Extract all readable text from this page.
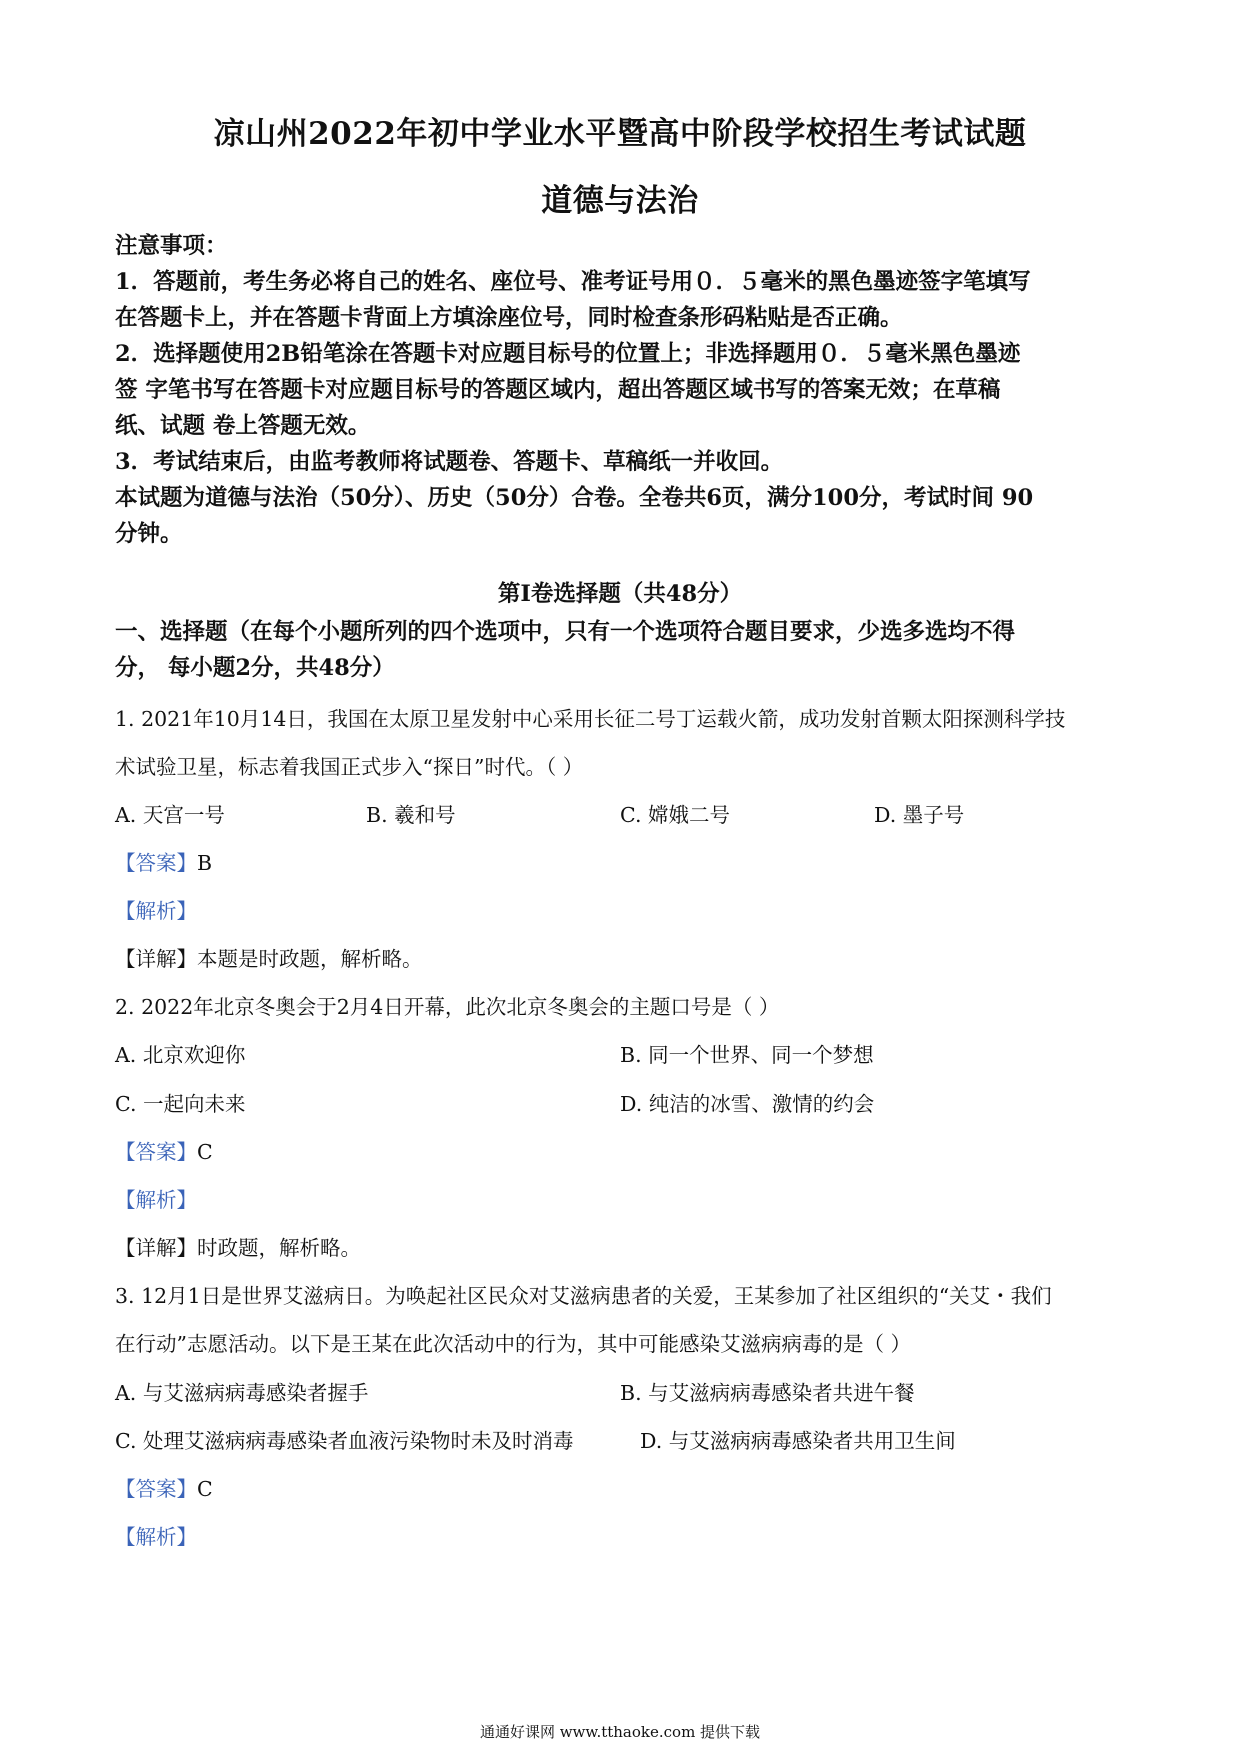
凉山州2022年初中学业水平暨高中阶段学校招生考试试题
道德与法治
注意事项：
1．答题前，考生务必将自己的姓名、座位号、准考证号用０．５毫米的黑色墨迹签字笔填写
在答题卡上，并在答题卡背面上方填涂座位号，同时检查条形码粘贴是否正确。
2．选择题使用2B铅笔涂在答题卡对应题目标号的位置上；非选择题用０．５毫米黑色墨迹
签 字笔书写在答题卡对应题目标号的答题区域内，超出答题区域书写的答案无效；在草稿
纸、试题 卷上答题无效。
3．考试结束后，由监考教师将试题卷、答题卡、草稿纸一并收回。
本试题为道德与法治（50分）、历史（50分）合卷。全卷共6页，满分100分，考试时间 90
分钟。
第I卷选择题（共48分）
一、选择题（在每个小题所列的四个选项中，只有一个选项符合题目要求，少选多选均不得
分， 每小题2分，共48分）
1. 2021年10月14日，我国在太原卫星发射中心采用长征二号丁运载火箭，成功发射首颗太阳探测科学技
术试验卫星，标志着我国正式步入“探日”时代。（ ）
A. 天宫一号	B. 羲和号	C. 嫦娥二号	D. 墨子号
【答案】B
【解析】
【详解】本题是时政题，解析略。
2. 2022年北京冬奥会于2月4日开幕，此次北京冬奥会的主题口号是（ ）
A. 北京欢迎你	B. 同一个世界、同一个梦想
C. 一起向未来	D. 纯洁的冰雪、激情的约会
【答案】C
【解析】
【详解】时政题，解析略。
3. 12月1日是世界艾滋病日。为唤起社区民众对艾滋病患者的关爱，王某参加了社区组织的“关艾・我们
在行动”志愿活动。以下是王某在此次活动中的行为，其中可能感染艾滋病病毒的是（ ）
A. 与艾滋病病毒感染者握手	B. 与艾滋病病毒感染者共进午餐
C. 处理艾滋病病毒感染者血液污染物时未及时消毒	D. 与艾滋病病毒感染者共用卫生间
【答案】C
【解析】
通通好课网 www.tthaoke.com 提供下载
